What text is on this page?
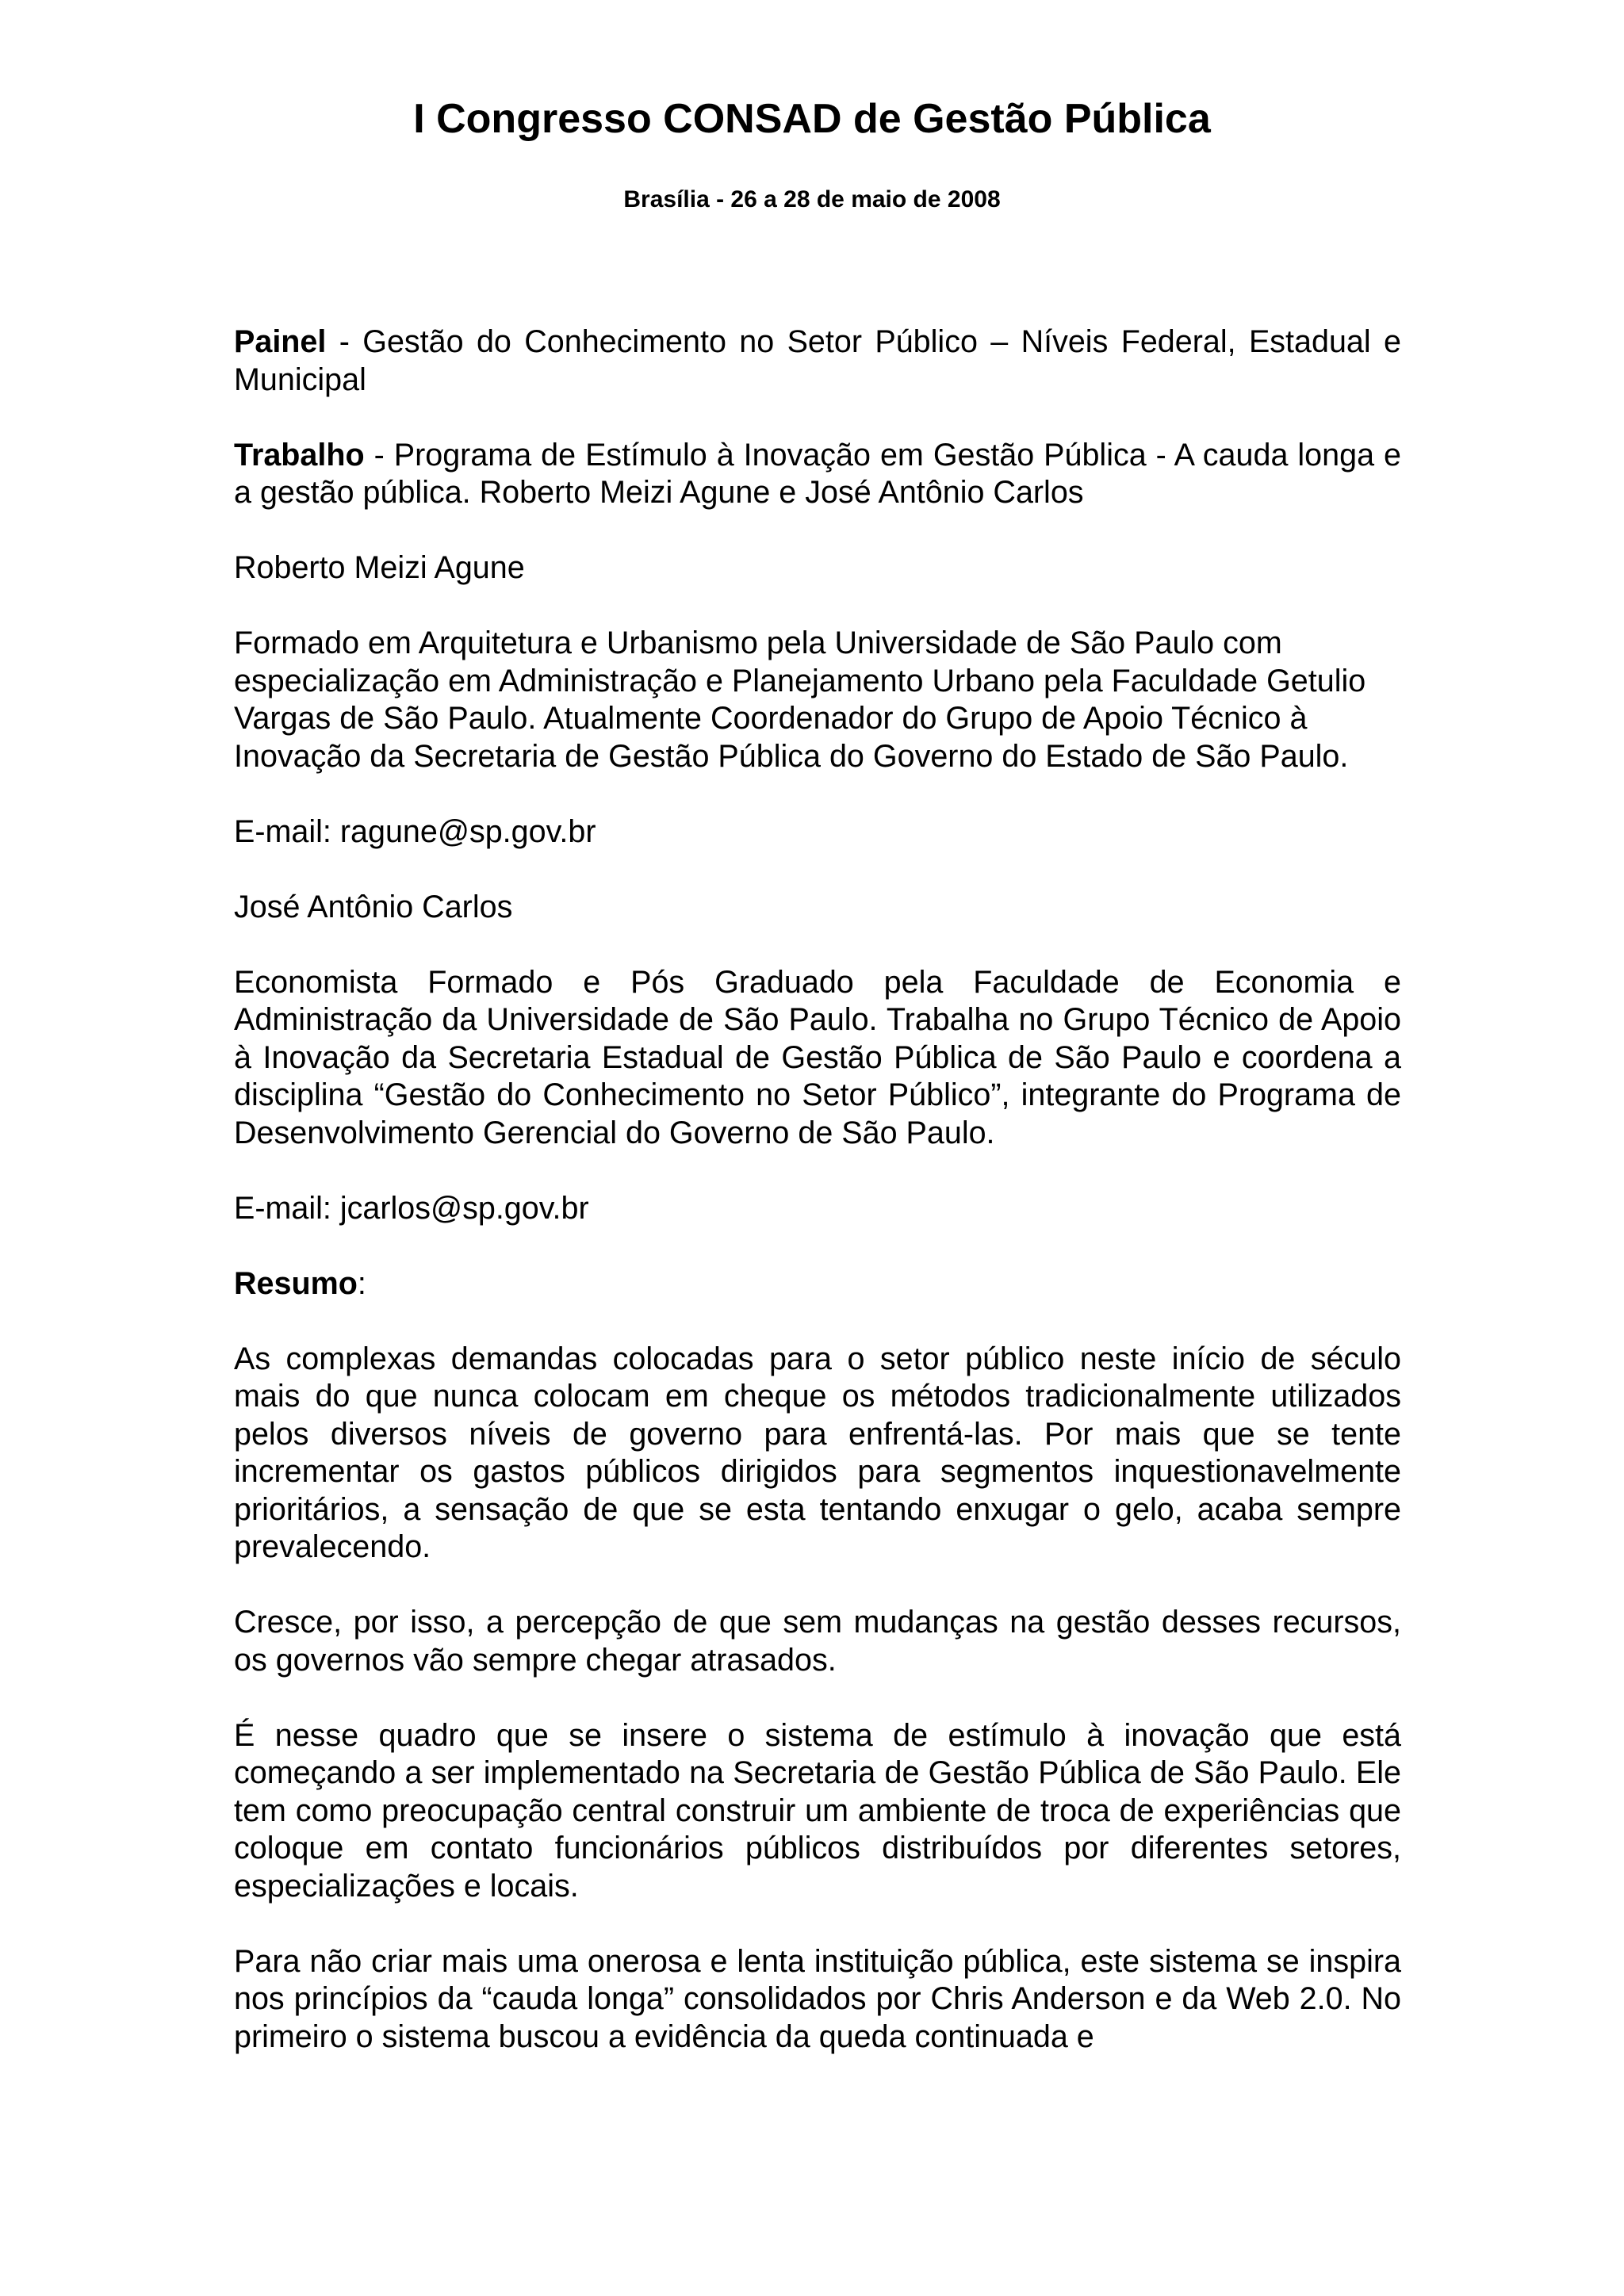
I Congresso CONSAD de Gestão Pública
Brasília - 26 a 28 de maio de 2008

Painel - Gestão do Conhecimento no Setor Público – Níveis Federal, Estadual e Municipal

Trabalho - Programa de Estímulo à Inovação em Gestão Pública - A cauda longa e a gestão pública. Roberto Meizi Agune e José Antônio Carlos

Roberto Meizi Agune

Formado em Arquitetura e Urbanismo pela Universidade de São Paulo com especialização em Administração e Planejamento Urbano pela Faculdade Getulio Vargas de São Paulo. Atualmente Coordenador do Grupo de Apoio Técnico à Inovação da Secretaria de Gestão Pública do Governo do Estado de São Paulo.

E-mail: ragune@sp.gov.br

José Antônio Carlos

Economista Formado e Pós Graduado pela Faculdade de Economia e Administração da Universidade de São Paulo. Trabalha no Grupo Técnico de Apoio à Inovação da Secretaria Estadual de Gestão Pública de São Paulo e coordena a disciplina “Gestão do Conhecimento no Setor Público”, integrante do Programa de Desenvolvimento Gerencial do Governo de São Paulo.

E-mail: jcarlos@sp.gov.br

Resumo:

As complexas demandas colocadas para o setor público neste início de século mais do que nunca colocam em cheque os métodos tradicionalmente utilizados pelos diversos níveis de governo para enfrentá-las. Por mais que se tente incrementar os gastos públicos dirigidos para segmentos inquestionavelmente prioritários, a sensação de que se esta tentando enxugar o gelo, acaba sempre prevalecendo.

Cresce, por isso, a percepção de que sem mudanças na gestão desses recursos, os governos vão sempre chegar atrasados.

É nesse quadro que se insere o sistema de estímulo à inovação que está começando a ser implementado na Secretaria de Gestão Pública de São Paulo. Ele tem como preocupação central construir um ambiente de troca de experiências que coloque em contato funcionários públicos distribuídos por diferentes setores, especializações e locais.

Para não criar mais uma onerosa e lenta instituição pública, este sistema se inspira nos princípios da “cauda longa” consolidados por Chris Anderson e da Web 2.0. No primeiro o sistema buscou a evidência da queda continuada e
